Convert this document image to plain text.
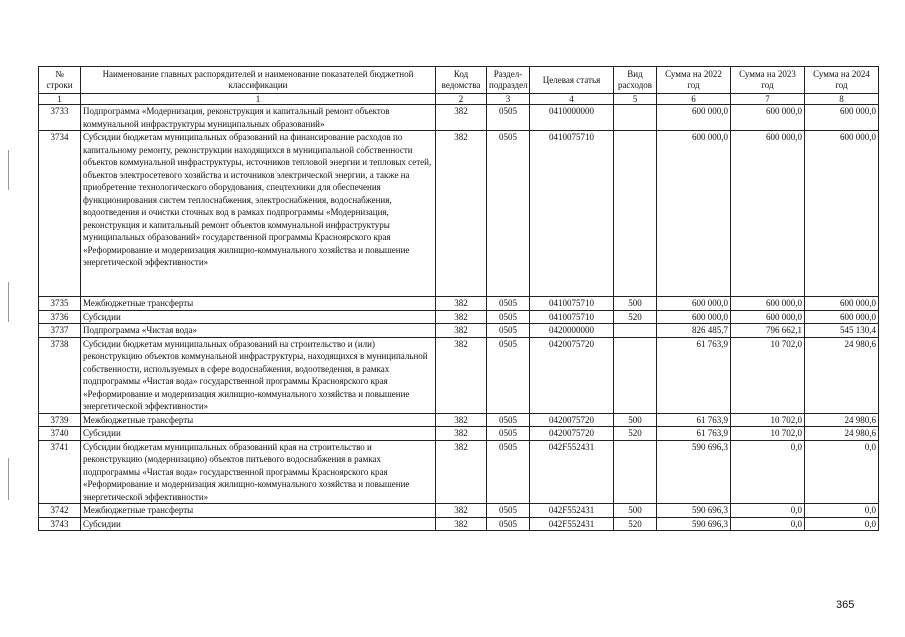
№ строки	Наименование главных распорядителей и наименование показателей бюджетной классификации	Код ведомства	Раздел-подраздел	Целевая статья	Вид расходов	Сумма на 2022 год	Сумма на 2023 год	Сумма на 2024 год
1	1	2	3	4	5	6	7	8
3733	Подпрограмма «Модернизация, реконструкция и капитальный ремонт объектов коммунальной инфраструктуры муниципальных образований»	382	0505	0410000000		600 000,0	600 000,0	600 000,0
3734	Субсидии бюджетам муниципальных образований на финансирование расходов по капитальному ремонту, реконструкции находящихся в муниципальной собственности объектов коммунальной инфраструктуры, источников тепловой энергии и тепловых сетей, объектов электросетевого хозяйства и источников электрической энергии, а также на приобретение технологического оборудования, спецтехники для обеспечения функционирования систем теплоснабжения, электроснабжения, водоснабжения, водоотведения и очистки сточных вод в рамках подпрограммы «Модернизация, реконструкция и капитальный ремонт объектов коммунальной инфраструктуры муниципальных образований» государственной программы Красноярского края «Реформирование и модернизация жилищно-коммунального хозяйства и повышение энергетической эффективности»	382	0505	0410075710		600 000,0	600 000,0	600 000,0
3735	Межбюджетные трансферты	382	0505	0410075710	500	600 000,0	600 000,0	600 000,0
3736	Субсидии	382	0505	0410075710	520	600 000,0	600 000,0	600 000,0
3737	Подпрограмма «Чистая вода»	382	0505	0420000000		826 485,7	796 662,1	545 130,4
3738	Субсидии бюджетам муниципальных образований на строительство и (или) реконструкцию объектов коммунальной инфраструктуры, находящихся в муниципальной собственности, используемых в сфере водоснабжения, водоотведения, в рамках подпрограммы «Чистая вода» государственной программы Красноярского края «Реформирование и модернизация жилищно-коммунального хозяйства и повышение энергетической эффективности»	382	0505	0420075720		61 763,9	10 702,0	24 980,6
3739	Межбюджетные трансферты	382	0505	0420075720	500	61 763,9	10 702,0	24 980,6
3740	Субсидии	382	0505	0420075720	520	61 763,9	10 702,0	24 980,6
3741	Субсидии бюджетам муниципальных образований края на строительство и реконструкцию (модернизацию) объектов питьевого водоснабжения в рамках подпрограммы «Чистая вода» государственной программы Красноярского края «Реформирование и модернизация жилищно-коммунального хозяйства и повышение энергетической эффективности»	382	0505	042F552431		590 696,3	0,0	0,0
3742	Межбюджетные трансферты	382	0505	042F552431	500	590 696,3	0,0	0,0
3743	Субсидии	382	0505	042F552431	520	590 696,3	0,0	0,0
365
